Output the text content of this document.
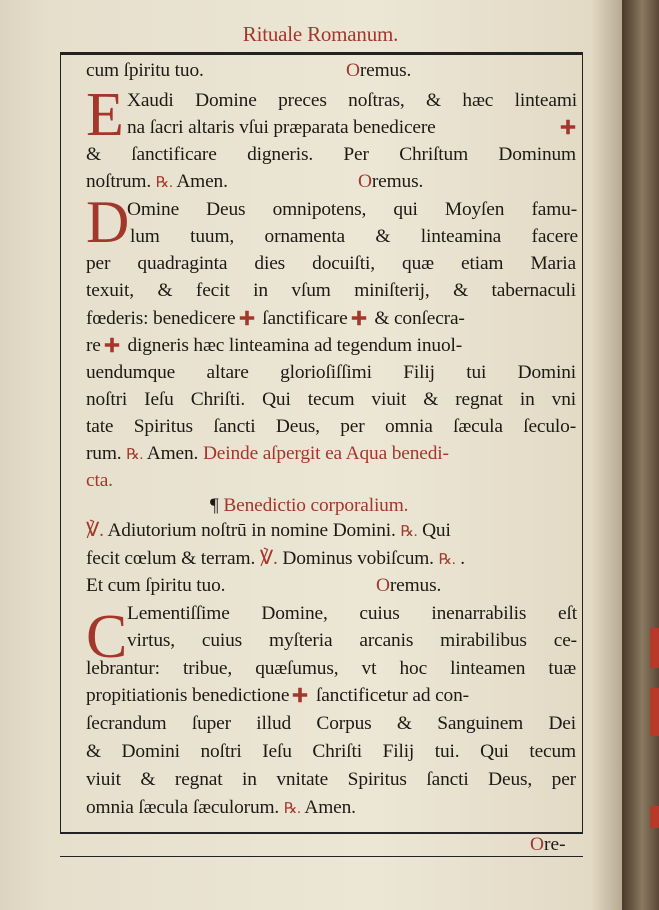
Rituale Romanum.
E
D
C
cum ſpiritu tuo.	Oremus.
Xaudi Domine preces noſtras, & hæc linteami
na ſacri altaris vſui præparata benedicere
& ſanctificare digneris. Per Chriſtum Dominum
noſtrum. ℞. Amen.	Oremus.
Omine Deus omnipotens, qui Moyſen famu-
lum tuum, ornamenta & linteamina facere
per quadraginta dies docuiſti, quæ etiam Maria
texuit, & fecit in vſum miniſterij, & tabernaculi
fœderis: benedicere ſanctificare & conſecra-
re digneris hæc linteamina ad tegendum inuol-
uendumque altare glorioſiſſimi Filij tui Domini
noſtri Ieſu Chriſti. Qui tecum viuit & regnat in vni
tate Spiritus ſancti Deus, per omnia ſæcula ſeculo-
rum. ℞. Amen. Deinde aſpergit ea Aqua benedi-
cta.
¶ Benedictio corporalium.
℣. Adiutorium noſtrū in nomine Domini. ℞. Qui
fecit cœlum & terram. ℣. Dominus vobiſcum. ℞. .
Et cum ſpiritu tuo.	Oremus.
Lementiſſime Domine, cuius inenarrabilis eſt
virtus, cuius myſteria arcanis mirabilibus ce-
lebrantur: tribue, quæſumus, vt hoc linteamen tuæ
propitiationis benedictione ſanctificetur ad con-
ſecrandum ſuper illud Corpus & Sanguinem Dei
& Domini noſtri Ieſu Chriſti Filij tui. Qui tecum
viuit & regnat in vnitate Spiritus ſancti Deus, per
omnia ſæcula ſæculorum. ℞. Amen.
Ore-
